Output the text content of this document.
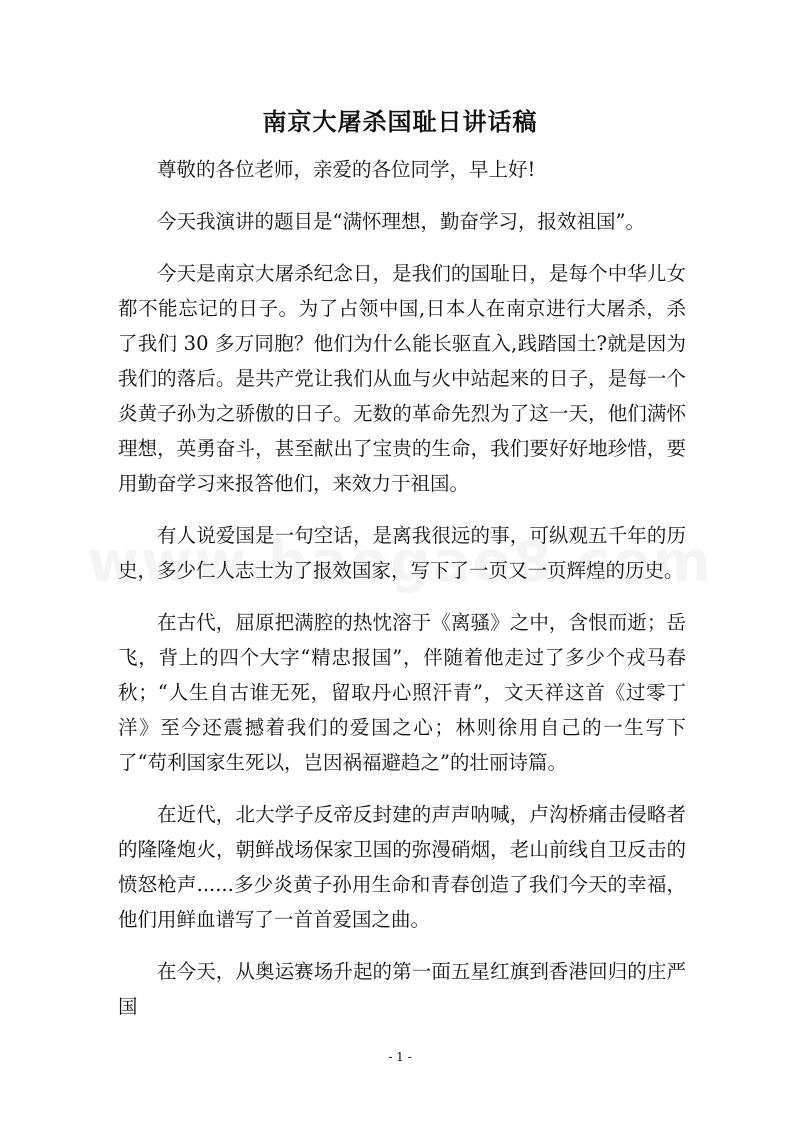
南京大屠杀国耻日讲话稿

尊敬的各位老师，亲爱的各位同学，早上好!

今天我演讲的题目是“满怀理想，勤奋学习，报效祖国”。

今天是南京大屠杀纪念日，是我们的国耻日，是每个中华儿女都不能忘记的日子。为了占领中国,日本人在南京进行大屠杀，杀了我们 30 多万同胞？他们为什么能长驱直入,践踏国土?就是因为我们的落后。是共产党让我们从血与火中站起来的日子，是每一个炎黄子孙为之骄傲的日子。无数的革命先烈为了这一天，他们满怀理想，英勇奋斗，甚至献出了宝贵的生命，我们要好好地珍惜，要用勤奋学习来报答他们，来效力于祖国。

有人说爱国是一句空话，是离我很远的事，可纵观五千年的历史，多少仁人志士为了报效国家，写下了一页又一页辉煌的历史。

在古代，屈原把满腔的热忱溶于《离骚》之中，含恨而逝；岳飞，背上的四个大字“精忠报国”，伴随着他走过了多少个戎马春秋；“人生自古谁无死，留取丹心照汗青”，文天祥这首《过零丁洋》至今还震撼着我们的爱国之心；林则徐用自己的一生写下了“苟利国家生死以，岂因祸福避趋之”的壮丽诗篇。

在近代，北大学子反帝反封建的声声呐喊，卢沟桥痛击侵略者的隆隆炮火，朝鲜战场保家卫国的弥漫硝烟，老山前线自卫反击的愤怒枪声......多少炎黄子孙用生命和青春创造了我们今天的幸福，他们用鲜血谱写了一首首爱国之曲。

在今天，从奥运赛场升起的第一面五星红旗到香港回归的庄严国

- 1 -
